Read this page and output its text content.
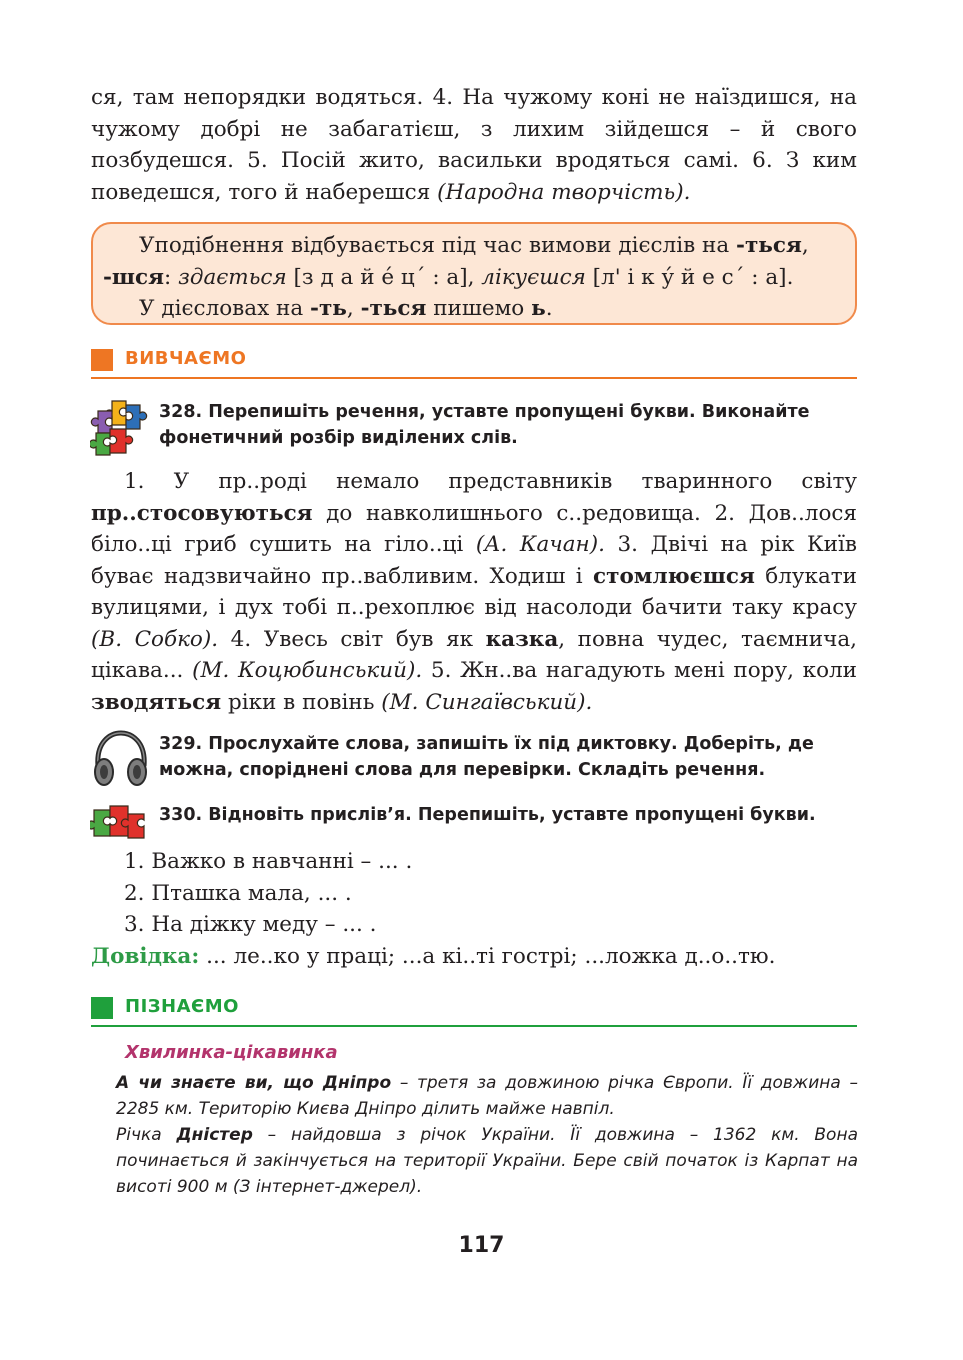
ся, там непорядки водяться. 4. На чужому коні не наїздишся, на чужому добрі не забагатієш, з лихим зійдешся – й свого позбудешся. 5. Посій жито, васильки вродяться самі. 6. З ким поведешся, того й наберешся (Народна творчість).

Уподібнення відбувається під час вимови дієслів на -ться,

-шся: здається [з д а й е́ ц´ : а], лікуєшся [л' і к у́ й е с´ : а].

У дієсловах на -ть, -ться пишемо ь.

ВИВЧАЄМО
328. Перепишіть речення, уставте пропущені букви. Виконайте фонетичний розбір виділених слів.

1. У пр..роді немало представників тваринного світу пр..стосовуються до навколишнього с..редовища. 2. Дов..лося біло..ці гриб сушить на гіло..ці (А. Качан). 3. Двічі на рік Київ буває надзвичайно пр..вабливим. Ходиш і стомлюєшся блукати вулицями, і дух тобі п..рехоплює від насолоди бачити таку красу (В. Собко). 4. Увесь світ був як казка, повна чудес, таємнича, цікава... (М. Коцюбинський). 5. Жн..ва нагадують мені пору, коли зводяться ріки в повінь (М. Сингаївський).

329. Прослухайте слова, запишіть їх під диктовку. Доберіть, де можна, споріднені слова для перевірки. Складіть речення.
330. Відновіть прислів’я. Перепишіть, уставте пропущені букви.

1. Важко в навчанні – ... .

2. Пташка мала, ... .

3. На діжку меду – ... .

Довідка: ... ле..ко у праці; ...а кі..ті гострі; ...ложка д..о..тю.

ПІЗНАЄМО

Хвилинка-цікавинка

А чи знаєте ви, що Дніпро – третя за довжиною річка Європи. Її довжина – 2285 км. Територію Києва Дніпро ділить майже навпіл.

Річка Дністер – найдовша з річок України. Її довжина – 1362 км. Вона починається й закінчується на території України. Бере свій початок із Карпат на висоті 900 м (З інтернет-джерел).

117
